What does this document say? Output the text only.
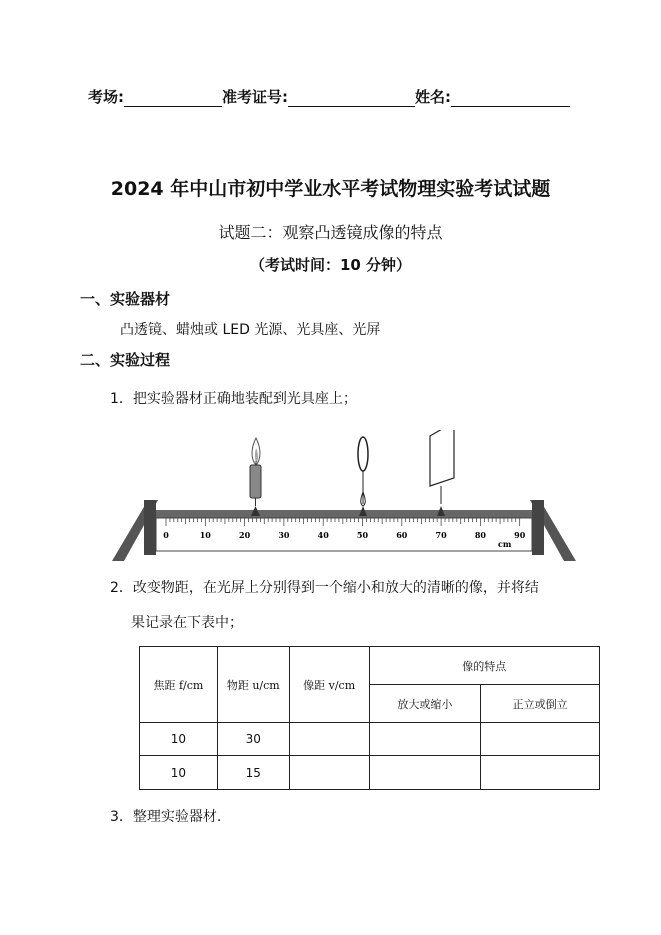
考场:	准考证号:	姓名:
2024 年中山市初中学业水平考试物理实验考试试题
试题二：观察凸透镜成像的特点
（考试时间：10 分钟）
一、实验器材
凸透镜、蜡烛或 LED 光源、光具座、光屏
二、实验过程
1．把实验器材正确地装配到光具座上；
0	10	20	30	40	50	60	70	80	90
cm
2．改变物距，在光屏上分别得到一个缩小和放大的清晰的像，并将结
果记录在下表中；
焦距 f/cm	物距 u/cm	像距 v/cm	像的特点	
			放大或缩小	正立或倒立
10	30			
10	15			
3．整理实验器材.
